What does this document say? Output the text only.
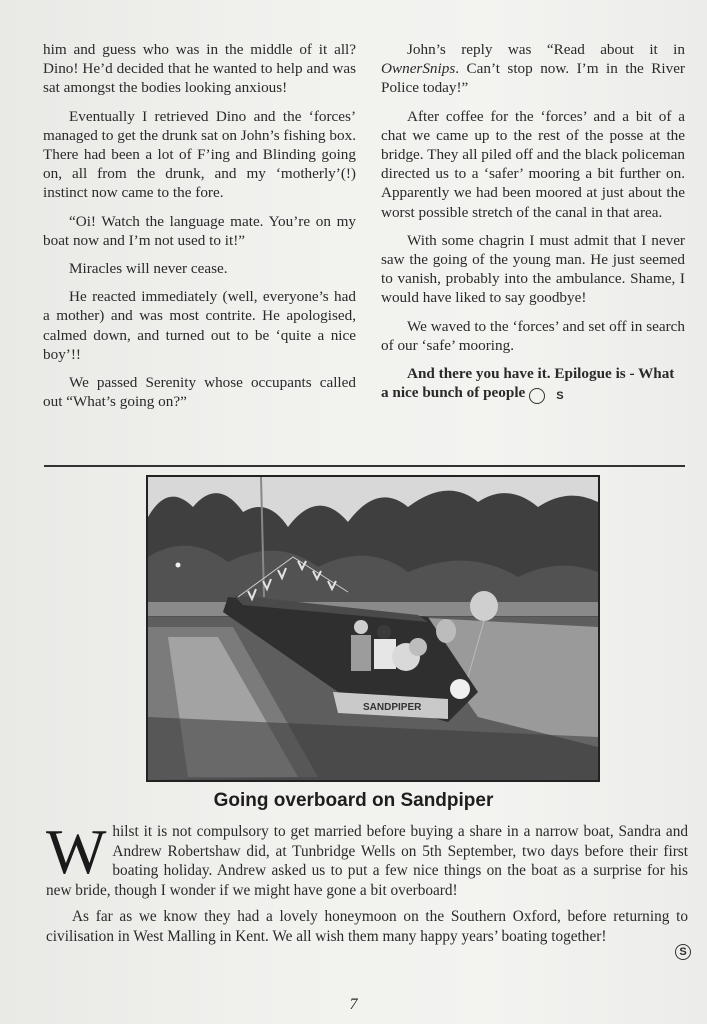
him and guess who was in the middle of it all? Dino! He’d decided that he wanted to help and was sat amongst the bodies looking anxious!

Eventually I retrieved Dino and the ‘forces’ managed to get the drunk sat on John’s fishing box. There had been a lot of F’ing and Blinding going on, all from the drunk, and my ‘motherly’(!) instinct now came to the fore.

“Oi! Watch the language mate. You’re on my boat now and I’m not used to it!”

Miracles will never cease.

He reacted immediately (well, everyone’s had a mother) and was most contrite. He apologised, calmed down, and turned out to be ‘quite a nice boy’!!

We passed Serenity whose occupants called out “What’s going on?”

John’s reply was “Read about it in OwnerSnips. Can’t stop now. I’m in the River Police today!”

After coffee for the ‘forces’ and a bit of a chat we came up to the rest of the posse at the bridge. They all piled off and the black policeman directed us to a ‘safer’ mooring a bit further on. Apparently we had been moored at just about the worst possible stretch of the canal in that area.

With some chagrin I must admit that I never saw the going of the young man. He just seemed to vanish, probably into the ambulance. Shame, I would have liked to say goodbye!

We waved to the ‘forces’ and set off in search of our ‘safe’ mooring.

And there you have it. Epilogue is - What a nice bunch of people	S

SANDPIPER
Going overboard on Sandpiper

Whilst it is not compulsory to get married before buying a share in a narrow boat, Sandra and Andrew Robertshaw did, at Tunbridge Wells on 5th September, two days before their first boating holiday. Andrew asked us to put a few nice things on the boat as a surprise for his new bride, though I wonder if we might have gone a bit overboard!

As far as we know they had a lovely honeymoon on the Southern Oxford, before returning to civilisation in West Malling in Kent. We all wish them many happy years’ boating together!

S
7
